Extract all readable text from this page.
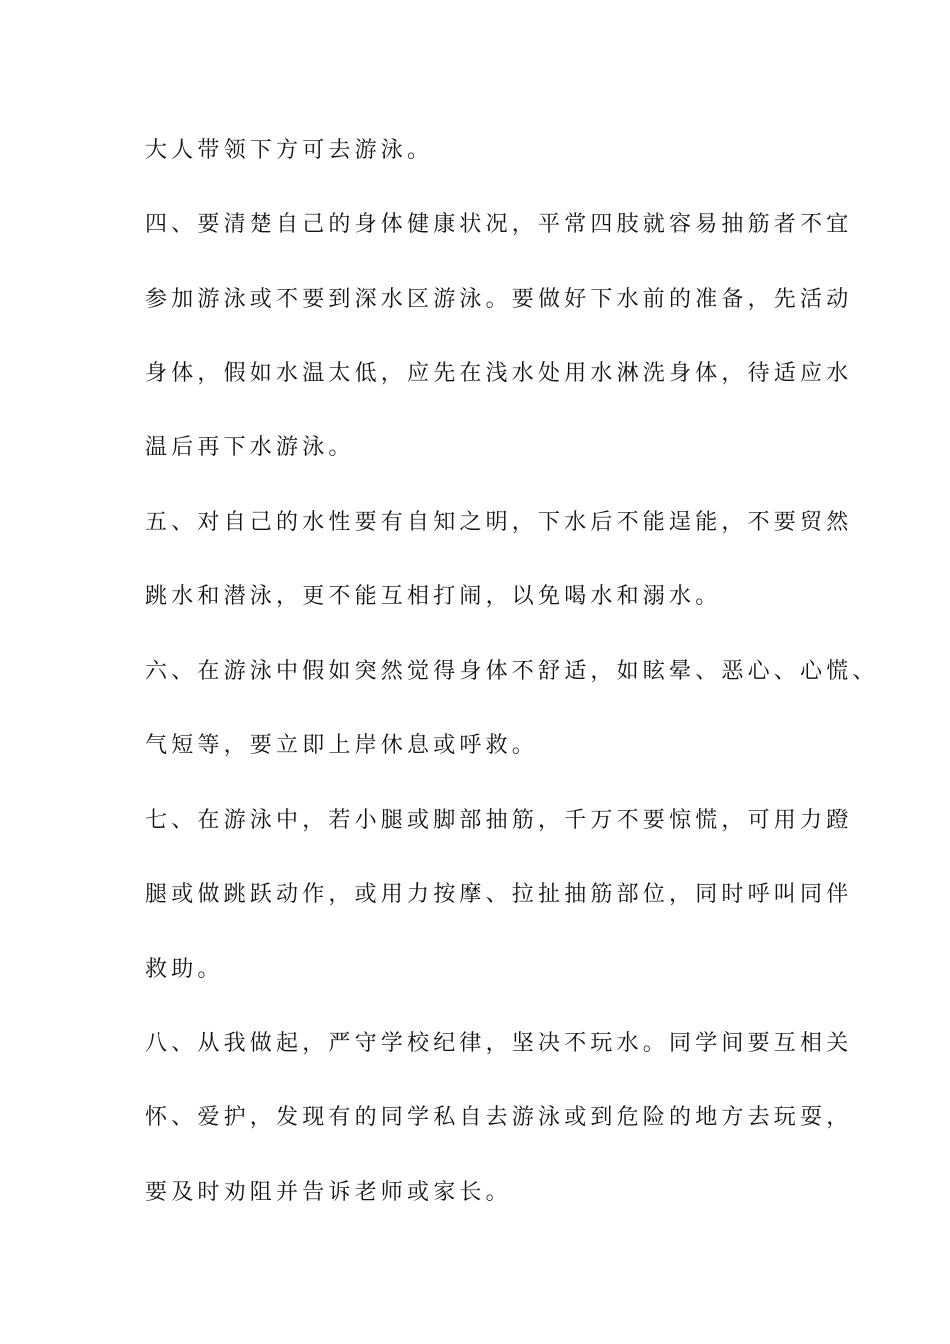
大人带领下方可去游泳。
四、要清楚自己的身体健康状况，平常四肢就容易抽筋者不宜
参加游泳或不要到深水区游泳。要做好下水前的准备，先活动
身体，假如水温太低，应先在浅水处用水淋洗身体，待适应水
温后再下水游泳。
五、对自己的水性要有自知之明，下水后不能逞能，不要贸然
跳水和潜泳，更不能互相打闹，以免喝水和溺水。
六、在游泳中假如突然觉得身体不舒适，如眩晕、恶心、心慌、
气短等，要立即上岸休息或呼救。
七、在游泳中，若小腿或脚部抽筋，千万不要惊慌，可用力蹬
腿或做跳跃动作，或用力按摩、拉扯抽筋部位，同时呼叫同伴
救助。
八、从我做起，严守学校纪律，坚决不玩水。同学间要互相关
怀、爱护，发现有的同学私自去游泳或到危险的地方去玩耍，
要及时劝阻并告诉老师或家长。
